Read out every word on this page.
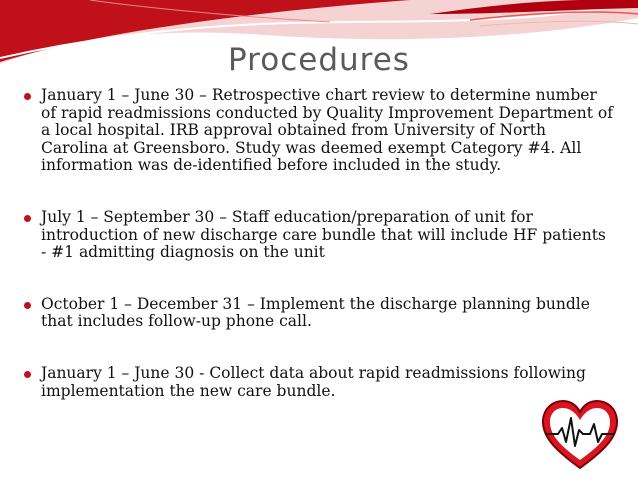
Procedures
January 1 – June 30 – Retrospective chart review to determine number of rapid readmissions conducted by Quality Improvement Department of a local hospital. IRB approval obtained from University of North Carolina at Greensboro. Study was deemed exempt Category #4. All information was de-identified before included in the study.
July 1 – September 30 – Staff education/preparation of unit for introduction of new discharge care bundle that will include HF patients - #1 admitting diagnosis on the unit
October 1 – December 31 – Implement the discharge planning bundle that includes follow-up phone call.
January 1 – June 30 - Collect data about rapid readmissions following implementation the new care bundle.
